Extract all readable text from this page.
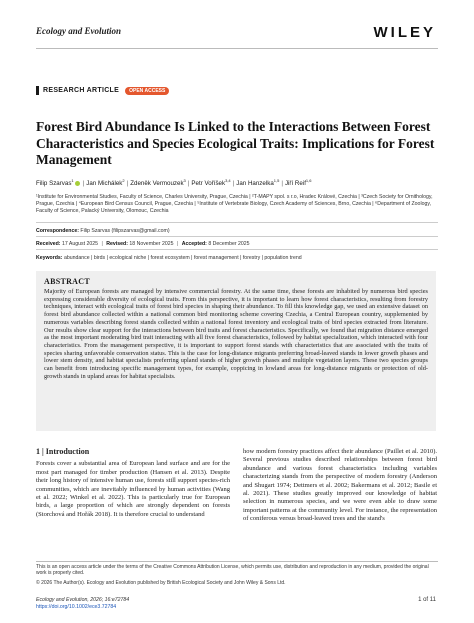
Ecology and Evolution	WILEY
RESEARCH ARTICLE	OPEN ACCESS
Forest Bird Abundance Is Linked to the Interactions Between Forest Characteristics and Species Ecological Traits: Implications for Forest Management
Filip Szarvas$^1$ | Jan Michálek$^2$ | Zdeněk Vermouzek$^3$ | Petr Voříšek$^{3,4}$ | Jan Hanzelka$^{1,5}$ | Jiří Reif$^{1,6}$
¹Institute for Environmental Studies, Faculty of Science, Charles University, Prague, Czechia | ²T-MAPY spol. s r.o, Hradec Králové, Czechia | ³Czech Society for Ornithology, Prague, Czechia | ⁴European Bird Census Council, Prague, Czechia | ⁵Institute of Vertebrate Biology, Czech Academy of Sciences, Brno, Czechia | ⁶Department of Zoology, Faculty of Science, Palacký University, Olomouc, Czechia
Correspondence: Filip Szarvas (filipszarvas@gmail.com)
Received: 17 August 2025 | Revised: 18 November 2025 | Accepted: 8 December 2025
Keywords: abundance | birds | ecological niche | forest ecosystem | forest management | forestry | population trend
ABSTRACT

Majority of European forests are managed by intensive commercial forestry. At the same time, these forests are inhabited by numerous bird species expressing considerable diversity of ecological traits. From this perspective, it is important to learn how forest characteristics, resulting from forestry techniques, interact with ecological traits of forest bird species in shaping their abundance. To fill this knowledge gap, we used an extensive dataset on forest bird abundance collected within a national common bird monitoring scheme covering Czechia, a Central European country, supplemented by numerous variables describing forest stands collected within a national forest inventory and ecological traits of bird species extracted from literature. Our results show clear support for the interactions between bird traits and forest characteristics. Specifically, we found that migration distance emerged as the most important moderating bird trait interacting with all five forest characteristics, followed by habitat specialization, which interacted with four characteristics. From the management perspective, it is important to support forest stands with characteristics that are associated with the traits of species sharing unfavorable conservation status. This is the case for long-distance migrants preferring broad-leaved stands in lower growth phases and lower stem density, and habitat specialists preferring upland stands of higher growth phases and multiple vegetation layers. These two species groups can benefit from introducing specific management types, for example, coppicing in lowland areas for long-distance migrants or protection of old-growth stands in upland areas for habitat specialists.

1 | Introduction
Forests cover a substantial area of European land surface and are for the most part managed for timber production (Hansen et al. 2013). Despite their long history of intensive human use, forests still support species-rich communities, which are inevitably influenced by human activities (Wang et al. 2022; Winkel et al. 2022). This is particularly true for European birds, a large proportion of which are strongly dependent on forests (Storchová and Hořák 2018). It is therefore crucial to understand
how modern forestry practices affect their abundance (Paillet et al. 2010). Several previous studies described relationships between forest bird abundance and various forest characteristics including variables characterizing stands from the perspective of modern forestry (Anderson and Shugart 1974; Dettmers et al. 2002; Bakermans et al. 2012; Basile et al. 2021). These studies greatly improved our knowledge of habitat selection in numerous species, and we were even able to draw some important patterns at the community level. For instance, the representation of coniferous versus broad-leaved trees and the stand's
This is an open access article under the terms of the Creative Commons Attribution License, which permits use, distribution and reproduction in any medium, provided the original work is properly cited.
© 2026 The Author(s). Ecology and Evolution published by British Ecological Society and John Wiley & Sons Ltd.
Ecology and Evolution, 2026; 16:e72784
https://doi.org/10.1002/ece3.72784
1 of 11
